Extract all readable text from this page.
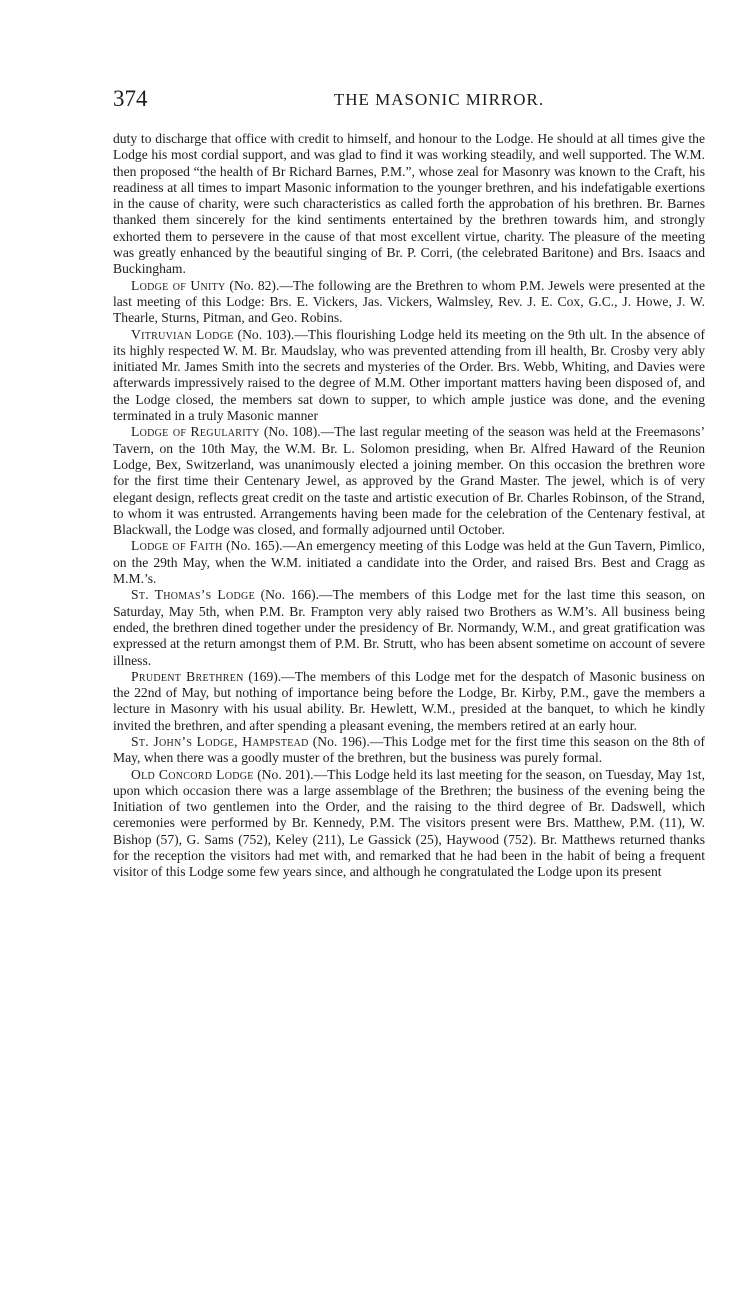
374	THE MASONIC MIRROR.

duty to discharge that office with credit to himself, and honour to the Lodge. He should at all times give the Lodge his most cordial support, and was glad to find it was working steadily, and well supported. The W.M. then proposed “the health of Br Richard Barnes, P.M.”, whose zeal for Masonry was known to the Craft, his readiness at all times to impart Masonic information to the younger brethren, and his indefatigable exertions in the cause of charity, were such characteristics as called forth the approbation of his brethren. Br. Barnes thanked them sincerely for the kind sentiments entertained by the brethren towards him, and strongly exhorted them to persevere in the cause of that most excellent virtue, charity. The pleasure of the meeting was greatly enhanced by the beautiful singing of Br. P. Corri, (the celebrated Baritone) and Brs. Isaacs and Buckingham.

Lodge of Unity (No. 82).—The following are the Brethren to whom P.M. Jewels were presented at the last meeting of this Lodge: Brs. E. Vickers, Jas. Vickers, Walmsley, Rev. J. E. Cox, G.C., J. Howe, J. W. Thearle, Sturns, Pitman, and Geo. Robins.

Vitruvian Lodge (No. 103).—This flourishing Lodge held its meeting on the 9th ult. In the absence of its highly respected W. M. Br. Maudslay, who was prevented attending from ill health, Br. Crosby very ably initiated Mr. James Smith into the secrets and mysteries of the Order. Brs. Webb, Whiting, and Davies were afterwards impressively raised to the degree of M.M. Other important matters having been disposed of, and the Lodge closed, the members sat down to supper, to which ample justice was done, and the evening terminated in a truly Masonic manner

Lodge of Regularity (No. 108).—The last regular meeting of the season was held at the Freemasons’ Tavern, on the 10th May, the W.M. Br. L. Solomon presiding, when Br. Alfred Haward of the Reunion Lodge, Bex, Switzerland, was unanimously elected a joining member. On this occasion the brethren wore for the first time their Centenary Jewel, as approved by the Grand Master. The jewel, which is of very elegant design, reflects great credit on the taste and artistic execution of Br. Charles Robinson, of the Strand, to whom it was entrusted. Arrangements having been made for the celebration of the Centenary festival, at Blackwall, the Lodge was closed, and formally adjourned until October.

Lodge of Faith (No. 165).—An emergency meeting of this Lodge was held at the Gun Tavern, Pimlico, on the 29th May, when the W.M. initiated a candidate into the Order, and raised Brs. Best and Cragg as M.M.’s.

St. Thomas’s Lodge (No. 166).—The members of this Lodge met for the last time this season, on Saturday, May 5th, when P.M. Br. Frampton very ably raised two Brothers as W.M’s. All business being ended, the brethren dined together under the presidency of Br. Normandy, W.M., and great gratification was expressed at the return amongst them of P.M. Br. Strutt, who has been absent sometime on account of severe illness.

Prudent Brethren (169).—The members of this Lodge met for the despatch of Masonic business on the 22nd of May, but nothing of importance being before the Lodge, Br. Kirby, P.M., gave the members a lecture in Masonry with his usual ability. Br. Hewlett, W.M., presided at the banquet, to which he kindly invited the brethren, and after spending a pleasant evening, the members retired at an early hour.

St. John’s Lodge, Hampstead (No. 196).—This Lodge met for the first time this season on the 8th of May, when there was a goodly muster of the brethren, but the business was purely formal.

Old Concord Lodge (No. 201).—This Lodge held its last meeting for the season, on Tuesday, May 1st, upon which occasion there was a large assemblage of the Brethren; the business of the evening being the Initiation of two gentlemen into the Order, and the raising to the third degree of Br. Dadswell, which ceremonies were performed by Br. Kennedy, P.M. The visitors present were Brs. Matthew, P.M. (11), W. Bishop (57), G. Sams (752), Keley (211), Le Gassick (25), Haywood (752). Br. Matthews returned thanks for the reception the visitors had met with, and remarked that he had been in the habit of being a frequent visitor of this Lodge some few years since, and although he congratulated the Lodge upon its present
